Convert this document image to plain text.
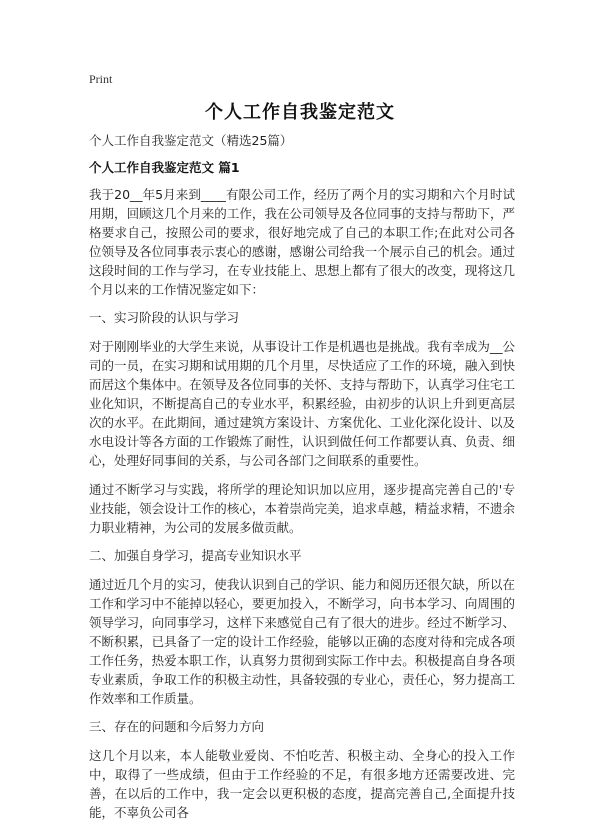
Print
个人工作自我鉴定范文

个人工作自我鉴定范文（精选25篇）

个人工作自我鉴定范文 篇1

我于20__年5月来到____有限公司工作，经历了两个月的实习期和六个月时试用期，回顾这几个月来的工作，我在公司领导及各位同事的支持与帮助下，严格要求自己，按照公司的要求，很好地完成了自己的本职工作;在此对公司各位领导及各位同事表示衷心的感谢，感谢公司给我一个展示自己的机会。通过这段时间的工作与学习，在专业技能上、思想上都有了很大的改变，现将这几个月以来的工作情况鉴定如下：

一、实习阶段的认识与学习

对于刚刚毕业的大学生来说，从事设计工作是机遇也是挑战。我有幸成为__公司的一员，在实习期和试用期的几个月里，尽快适应了工作的环境，融入到快而居这个集体中。在领导及各位同事的关怀、支持与帮助下，认真学习住宅工业化知识，不断提高自己的专业水平，积累经验，由初步的认识上升到更高层次的水平。在此期间，通过建筑方案设计、方案优化、工业化深化设计、以及水电设计等各方面的工作锻炼了耐性，认识到做任何工作都要认真、负责、细心，处理好同事间的关系，与公司各部门之间联系的重要性。

通过不断学习与实践，将所学的理论知识加以应用，逐步提高完善自己的'专业技能，领会设计工作的核心，本着崇尚完美，追求卓越，精益求精，不遗余力职业精神，为公司的发展多做贡献。

二、加强自身学习，提高专业知识水平

通过近几个月的实习，使我认识到自己的学识、能力和阅历还很欠缺，所以在工作和学习中不能掉以轻心，要更加投入，不断学习，向书本学习、向周围的领导学习，向同事学习，这样下来感觉自己有了很大的进步。经过不断学习、不断积累，已具备了一定的设计工作经验，能够以正确的态度对待和完成各项工作任务，热爱本职工作，认真努力贯彻到实际工作中去。积极提高自身各项专业素质，争取工作的积极主动性，具备较强的专业心，责任心，努力提高工作效率和工作质量。

三、存在的问题和今后努力方向

这几个月以来，本人能敬业爱岗、不怕吃苦、积极主动、全身心的投入工作中，取得了一些成绩，但由于工作经验的不足，有很多地方还需要改进、完善，在以后的工作中，我一定会以更积极的态度，提高完善自己,全面提升技能，不辜负公司各
